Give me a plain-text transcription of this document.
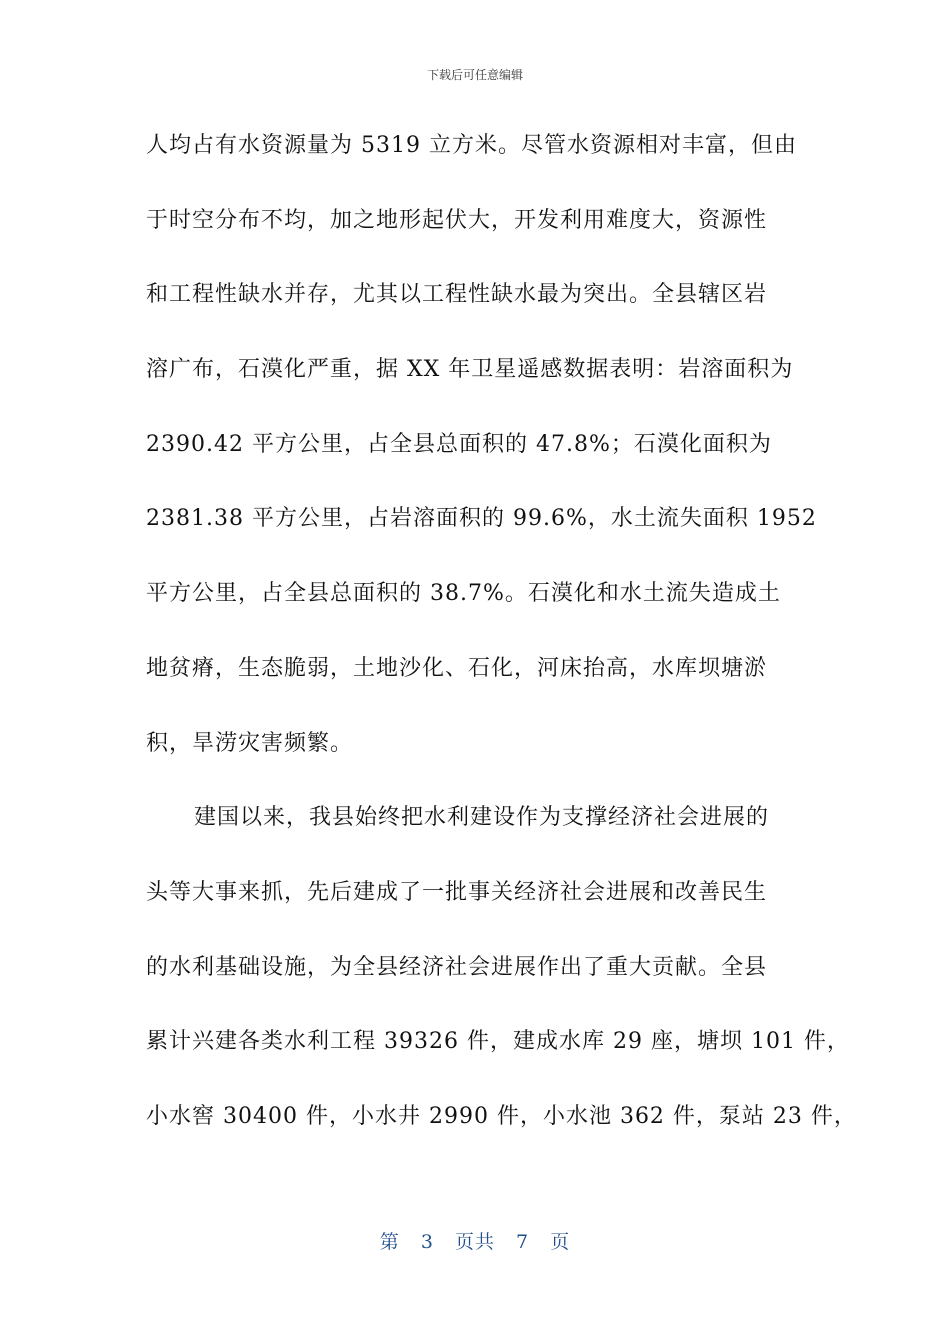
下载后可任意编辑
人均占有水资源量为 5319 立方米。尽管水资源相对丰富，但由
于时空分布不均，加之地形起伏大，开发利用难度大，资源性
和工程性缺水并存，尤其以工程性缺水最为突出。全县辖区岩
溶广布，石漠化严重，据 XX 年卫星遥感数据表明：岩溶面积为
2390.42 平方公里，占全县总面积的 47.8%；石漠化面积为
2381.38 平方公里，占岩溶面积的 99.6%，水土流失面积 1952
平方公里，占全县总面积的 38.7%。石漠化和水土流失造成土
地贫瘠，生态脆弱，土地沙化、石化，河床抬高，水库坝塘淤
积，旱涝灾害频繁。
建国以来，我县始终把水利建设作为支撑经济社会进展的
头等大事来抓，先后建成了一批事关经济社会进展和改善民生
的水利基础设施，为全县经济社会进展作出了重大贡献。全县
累计兴建各类水利工程 39326 件，建成水库 29 座，塘坝 101 件，
小水窖 30400 件，小水井 2990 件，小水池 362 件，泵站 23 件，
第 3 页共 7 页
